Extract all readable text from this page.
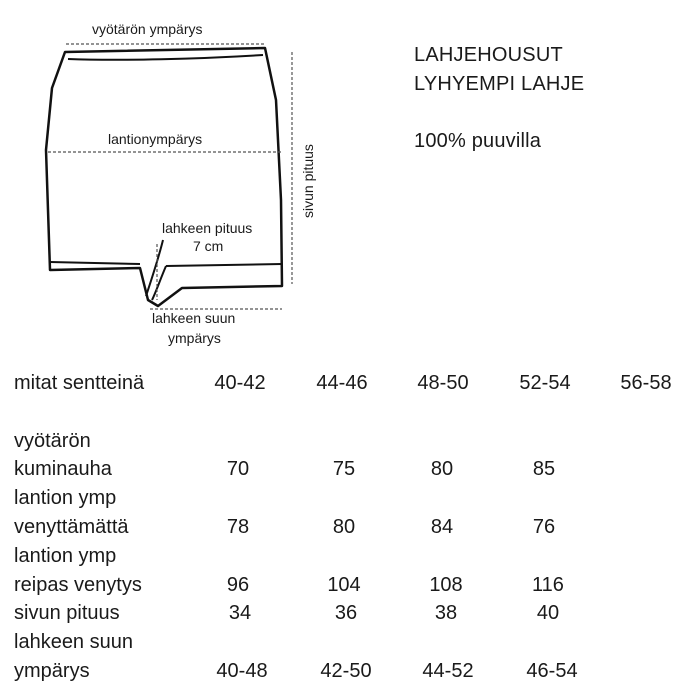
vyötärön ympärys
lantionympärys
sivun pituus
lahkeen pituus
7 cm
lahkeen suun
ympärys
LAHJEHOUSUT
LYHYEMPI LAHJE
100% puuvilla
mitat sentteinä	40-42	44-46	48-50	52-54	56-58
vyötärön
kuminauha	70	75	80	85
lantion ymp
venyttämättä	78	80	84	76
lantion ymp
reipas venytys	96	104	108	116
sivun pituus	34	36	38	40
lahkeen suun
ympärys	40-48	42-50	44-52	46-54
